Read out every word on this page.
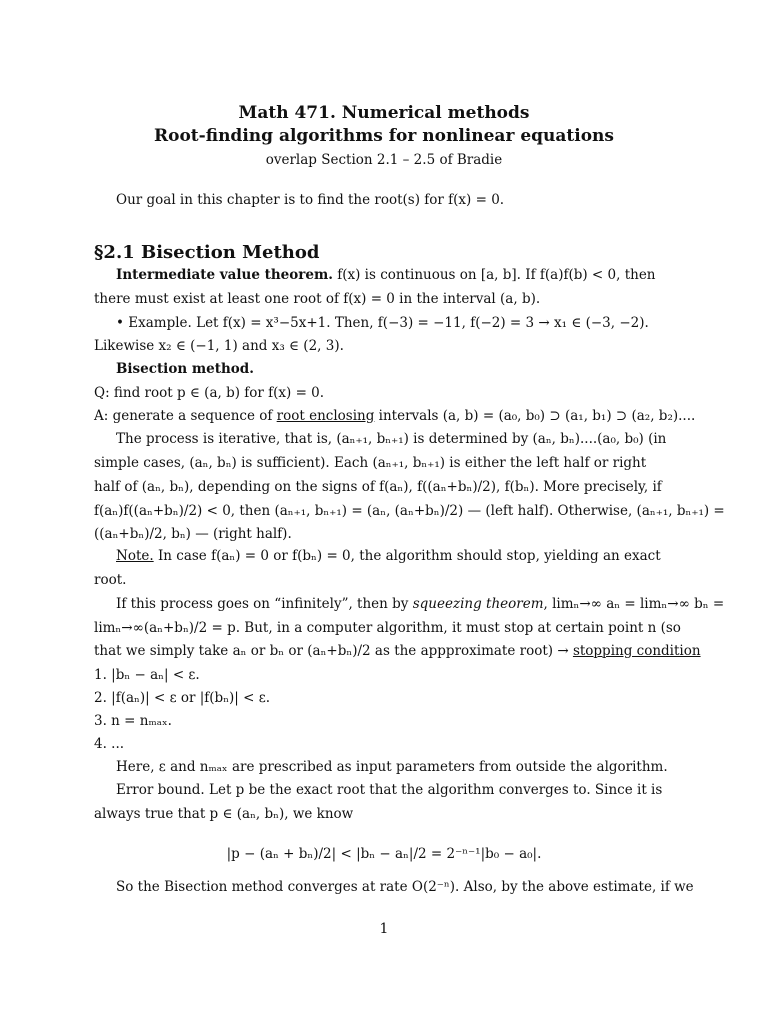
Math 471. Numerical methods
Root-finding algorithms for nonlinear equations
overlap Section 2.1 – 2.5 of Bradie
Our goal in this chapter is to find the root(s) for f(x) = 0.
§2.1 Bisection Method
Intermediate value theorem. f(x) is continuous on [a, b]. If f(a)f(b) < 0, then
there must exist at least one root of f(x) = 0 in the interval (a, b).
• Example. Let f(x) = x³−5x+1. Then, f(−3) = −11, f(−2) = 3 → x₁ ∈ (−3, −2).
Likewise x₂ ∈ (−1, 1) and x₃ ∈ (2, 3).
Bisection method.
Q: find root p ∈ (a, b) for f(x) = 0.
A: generate a sequence of root enclosing intervals (a, b) = (a₀, b₀) ⊃ (a₁, b₁) ⊃ (a₂, b₂)....
The process is iterative, that is, (aₙ₊₁, bₙ₊₁) is determined by (aₙ, bₙ)....(a₀, b₀) (in
simple cases, (aₙ, bₙ) is sufficient). Each (aₙ₊₁, bₙ₊₁) is either the left half or right
half of (aₙ, bₙ), depending on the signs of f(aₙ), f((aₙ+bₙ)/2), f(bₙ). More precisely, if
f(aₙ)f((aₙ+bₙ)/2) < 0, then (aₙ₊₁, bₙ₊₁) = (aₙ, (aₙ+bₙ)/2) — (left half). Otherwise, (aₙ₊₁, bₙ₊₁) =
((aₙ+bₙ)/2, bₙ) — (right half).
Note. In case f(aₙ) = 0 or f(bₙ) = 0, the algorithm should stop, yielding an exact
root.
If this process goes on “infinitely”, then by squeezing theorem, limₙ→∞ aₙ = limₙ→∞ bₙ =
limₙ→∞(aₙ+bₙ)/2 = p. But, in a computer algorithm, it must stop at certain point n (so
that we simply take aₙ or bₙ or (aₙ+bₙ)/2 as the appproximate root) → stopping condition
1. |bₙ − aₙ| < ε.
2. |f(aₙ)| < ε or |f(bₙ)| < ε.
3. n = nₘₐₓ.
4. ...
Here, ε and nₘₐₓ are prescribed as input parameters from outside the algorithm.
Error bound. Let p be the exact root that the algorithm converges to. Since it is
always true that p ∈ (aₙ, bₙ), we know
|p − (aₙ + bₙ)/2| < |bₙ − aₙ|/2 = 2⁻ⁿ⁻¹|b₀ − a₀|.
So the Bisection method converges at rate O(2⁻ⁿ). Also, by the above estimate, if we
1
